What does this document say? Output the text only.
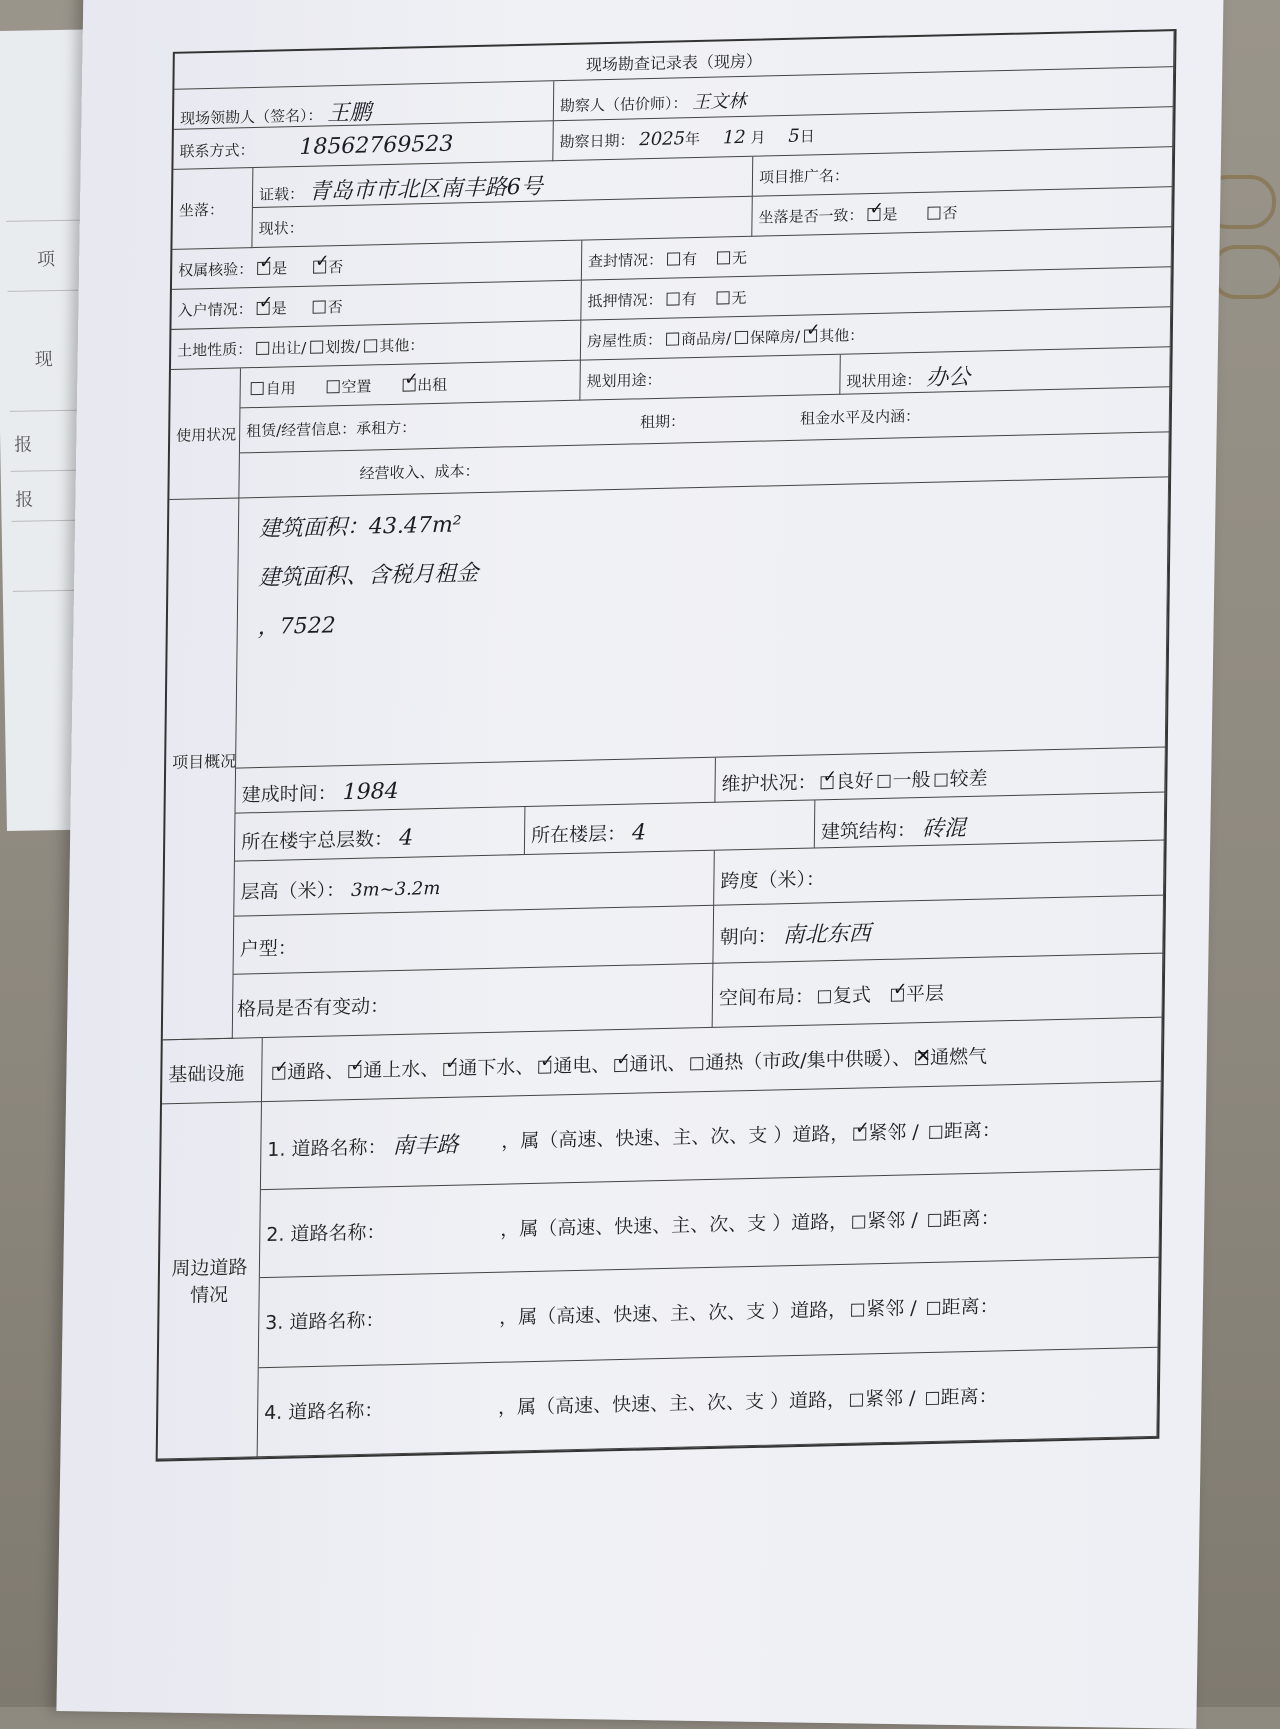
项
现
报
报
现场勘查记录表（现房）
现场领勘人（签名）： 王鹏	勘察人（估价师）： 王文林
联系方式： 18562769523	勘察日期： 2025年 12 月 5日
坐落：
证载： 青岛市市北区南丰路6号	项目推广名：
现状：
坐落是否一致： ✓ 是	否
权属核验： ✓ 是 ✓	否	查封情况： 有 无
入户情况： ✓ 是	否	抵押情况： 有 无
土地性质： 出让/ 划拨/ 其他：	房屋性质： 商品房/ 保障房/ ✓ 其他：
使用状况
自用	空置 ✓	出租	规划用途：	现状用途： 办公
租赁/经营信息：承租方：	租期：	租金水平及内涵：
经营收入、成本：
项目概况
建筑面积：43.47m²
建筑面积、含税月租金
，7522
建成时间： 1984	维护状况： ✓ 良好 一般 较差
所在楼宇总层数： 4	所在楼层： 4	建筑结构： 砖混
层高（米）： 3m~3.2m	跨度（米）：
户型：
朝向： 南北东西
格局是否有变动：	空间布局： 复式 ✓ 平层
基础设施 ✓	通路、 ✓ 通上水、 ✓ 通下水、 ✓ 通电、 ✓ 通讯、 通热（市政/集中供暖）、 ✕ 通燃气
周边道路情况
1. 道路名称： 南丰路 ，属（高速、快速、主、次、支 ）道路， ✓ 紧邻 / 距离：
2. 道路名称：	，属（高速、快速、主、次、支 ）道路， 紧邻 / 距离：
3. 道路名称：	，属（高速、快速、主、次、支 ）道路， 紧邻 / 距离：
4. 道路名称：	，属（高速、快速、主、次、支 ）道路， 紧邻 / 距离：
